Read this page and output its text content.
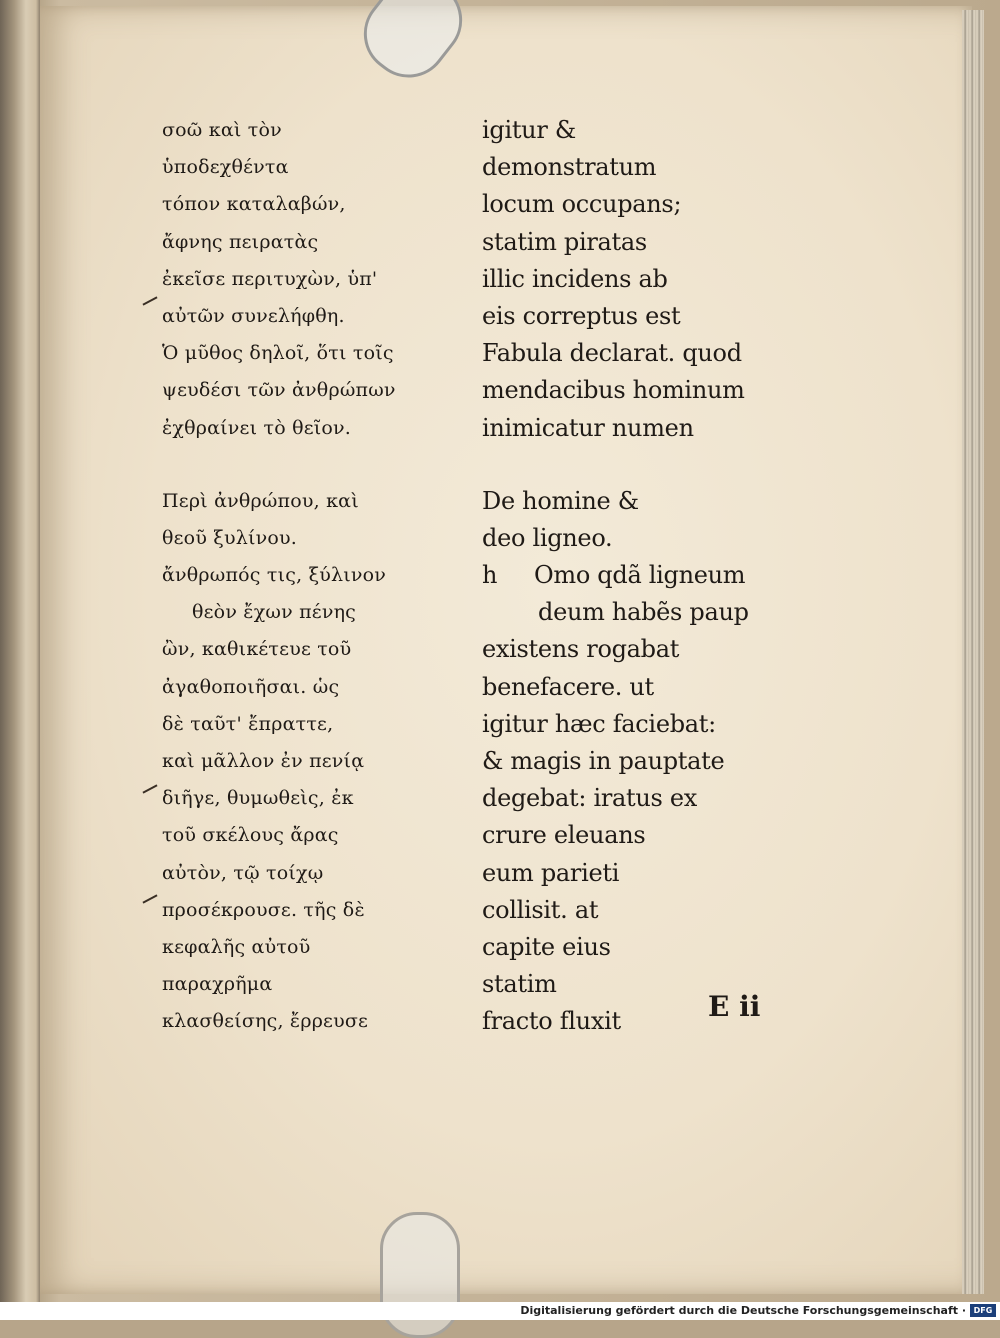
σοῶ καὶ τὸν
ὑποδεχθέντα
τόπον καταλαβών,
ἄφνης πειρατὰς
ἐκεῖσε περιτυχὼν, ὑπ'
αὐτῶν συνελήφθη.
Ὁ μῦθος δηλοῖ, ὅτι τοῖς
ψευδέσι τῶν ἀνθρώπων
ἐχθραίνει τὸ θεῖον.
Περὶ ἀνθρώπου, καὶ
θεοῦ ξυλίνου.
ἄνθρωπός τις, ξύλινον
θεὸν ἔχων πένης
ὢν, καθικέτευε τοῦ
ἀγαθοποιῆσαι. ὡς
δὲ ταῦτ' ἔπραττε,
καὶ μᾶλλον ἐν πενίᾳ
διῆγε, θυμωθεὶς, ἐκ
τοῦ σκέλους ἄρας
αὐτὸν, τῷ τοίχῳ
προσέκρουσε. τῆς δὲ
κεφαλῆς αὐτοῦ
παραχρῆμα
κλασθείσης, ἔρρευσε
igitur &
demonstratum
locum occupans;
statim piratas
illic incidens ab
eis correptus est
Fabula declarat. quod
mendacibus hominum
inimicatur numen
De homine &
deo ligneo.
h Omo qdã ligneum
deum habẽs paup
existens rogabat
benefacere. ut
igitur hæc faciebat:
& magis in pauptate
degebat: iratus ex
crure eleuans
eum parieti
collisit. at
capite eius
statim
fracto fluxit	E ii
Digitalisierung gefördert durch die Deutsche Forschungsgemeinschaft · DFG
